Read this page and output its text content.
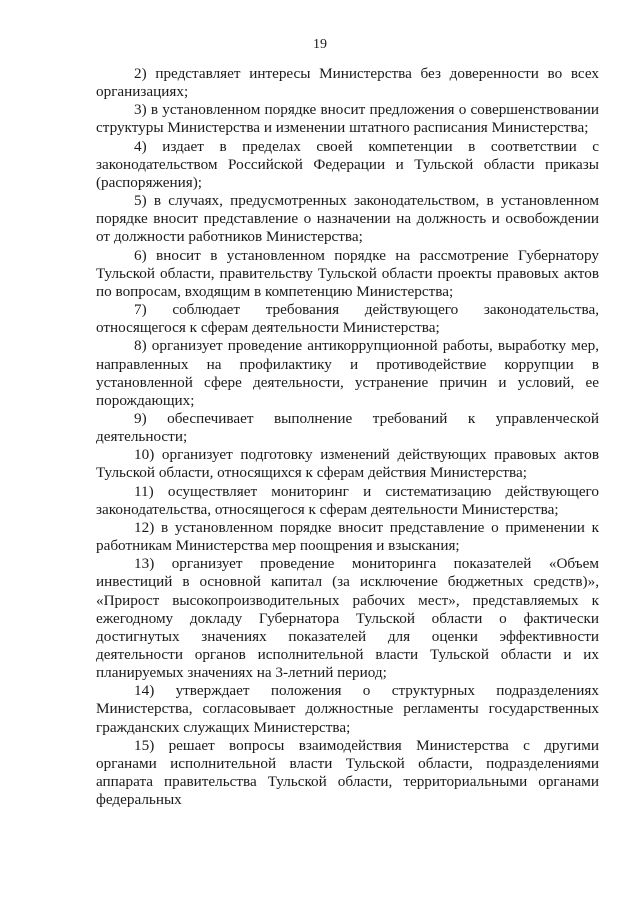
19

2) представляет интересы Министерства без доверенности во всех организациях;

3) в установленном порядке вносит предложения о совершенствовании структуры Министерства и изменении штатного расписания Министерства;

4) издает в пределах своей компетенции в соответствии с законодательством Российской Федерации и Тульской области приказы (распоряжения);

5) в случаях, предусмотренных законодательством, в установленном порядке вносит представление о назначении на должность и освобождении от должности работников Министерства;

6) вносит в установленном порядке на рассмотрение Губернатору Тульской области, правительству Тульской области проекты правовых актов по вопросам, входящим в компетенцию Министерства;

7) соблюдает требования действующего законодательства, относящегося к сферам деятельности Министерства;

8) организует проведение антикоррупционной работы, выработку мер, направленных на профилактику и противодействие коррупции в установленной сфере деятельности, устранение причин и условий, ее порождающих;

9) обеспечивает выполнение требований к управленческой деятельности;

10) организует подготовку изменений действующих правовых актов Тульской области, относящихся к сферам действия Министерства;

11) осуществляет мониторинг и систематизацию действующего законодательства, относящегося к сферам деятельности Министерства;

12) в установленном порядке вносит представление о применении к работникам Министерства мер поощрения и взыскания;

13) организует проведение мониторинга показателей «Объем инвестиций в основной капитал (за исключение бюджетных средств)», «Прирост высокопроизводительных рабочих мест», представляемых к ежегодному докладу Губернатора Тульской области о фактически достигнутых значениях показателей для оценки эффективности деятельности органов исполнительной власти Тульской области и их планируемых значениях на 3-летний период;

14) утверждает положения о структурных подразделениях Министерства, согласовывает должностные регламенты государственных гражданских служащих Министерства;

15) решает вопросы взаимодействия Министерства с другими органами исполнительной власти Тульской области, подразделениями аппарата правительства Тульской области, территориальными органами федеральных
